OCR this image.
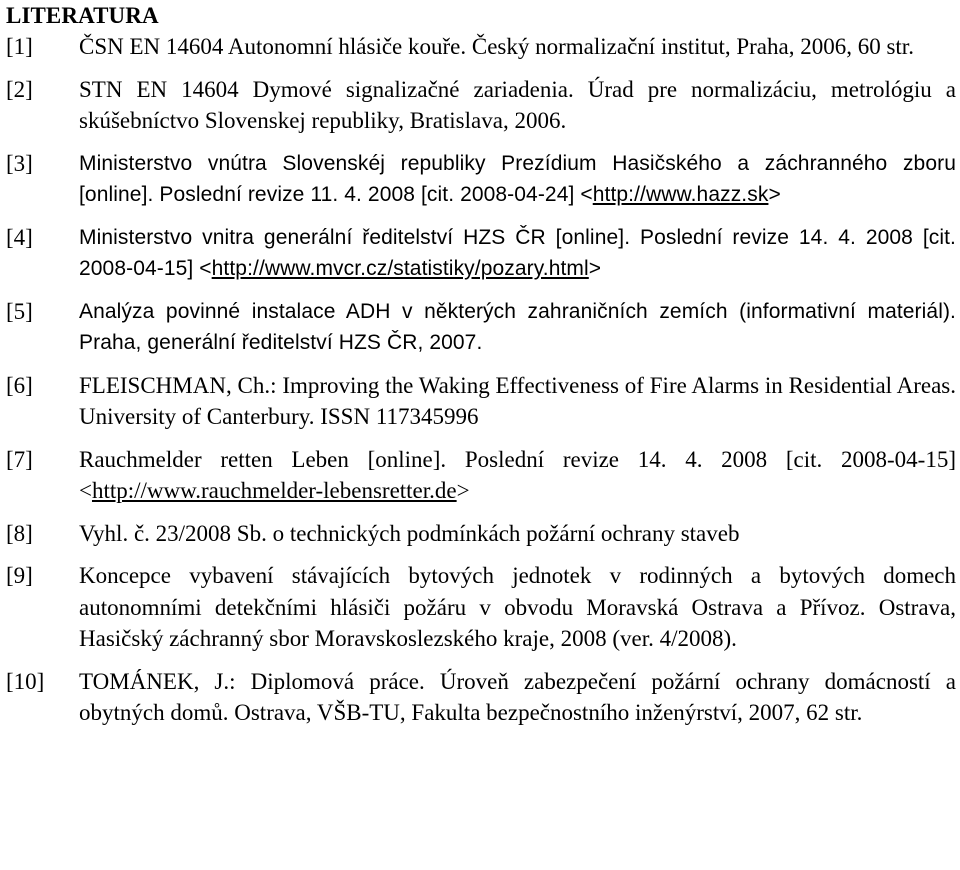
LITERATURA
[1]	ČSN EN 14604 Autonomní hlásiče kouře. Český normalizační institut, Praha, 2006, 60 str.
[2]	STN EN 14604 Dymové signalizačné zariadenia. Úrad pre normalizáciu, metrológiu a skúšebníctvo Slovenskej republiky, Bratislava, 2006.
[3]	Ministerstvo vnútra Slovenskéj republiky Prezídium Hasičského a záchranného zboru [online]. Poslední revize 11. 4. 2008 [cit. 2008-04-24] <http://www.hazz.sk>
[4]	Ministerstvo vnitra generální ředitelství HZS ČR [online]. Poslední revize 14. 4. 2008 [cit. 2008-04-15] <http://www.mvcr.cz/statistiky/pozary.html>
[5]	Analýza povinné instalace ADH v některých zahraničních zemích (informativní materiál). Praha, generální ředitelství HZS ČR, 2007.
[6]	FLEISCHMAN, Ch.: Improving the Waking Effectiveness of Fire Alarms in Residential Areas. University of Canterbury. ISSN 117345996
[7]	Rauchmelder retten Leben [online]. Poslední revize 14. 4. 2008 [cit. 2008-04-15] <http://www.rauchmelder-lebensretter.de>
[8]	Vyhl. č. 23/2008 Sb. o technických podmínkách požární ochrany staveb
[9]	Koncepce vybavení stávajících bytových jednotek v rodinných a bytových domech autonomními detekčními hlásiči požáru v obvodu Moravská Ostrava a Přívoz. Ostrava, Hasičský záchranný sbor Moravskoslezského kraje, 2008 (ver. 4/2008).
[10]	TOMÁNEK, J.: Diplomová práce. Úroveň zabezpečení požární ochrany domácností a obytných domů. Ostrava, VŠB-TU, Fakulta bezpečnostního inženýrství, 2007, 62 str.
